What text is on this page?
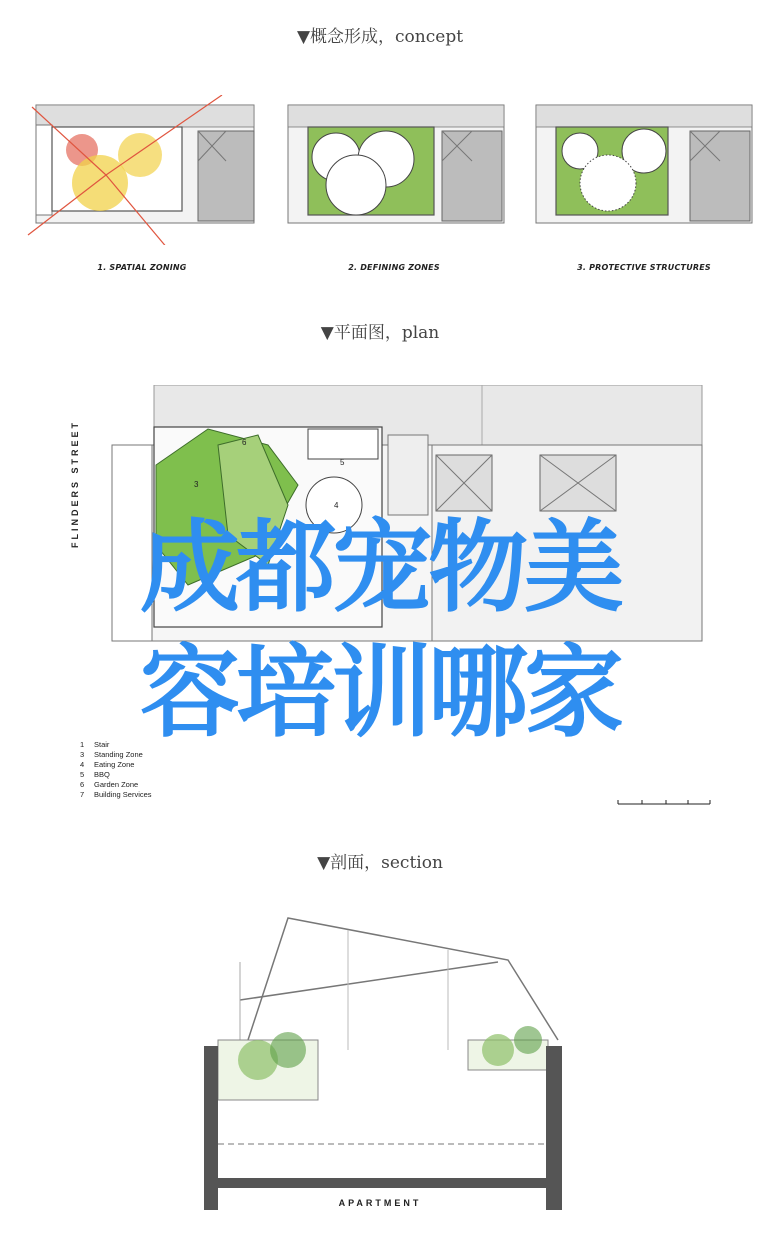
▼概念形成，concept
1. SPATIAL ZONING	2. DEFINING ZONES	3. PROTECTIVE STRUCTURES
▼平面图，plan
3
5
6
4
FLINDERS STREET
成都宠物美
容培训哪家
1 Stair
3 Standing Zone
4 Eating Zone
5 BBQ
6 Garden Zone
7 Building Services
▼剖面，section
APARTMENT
